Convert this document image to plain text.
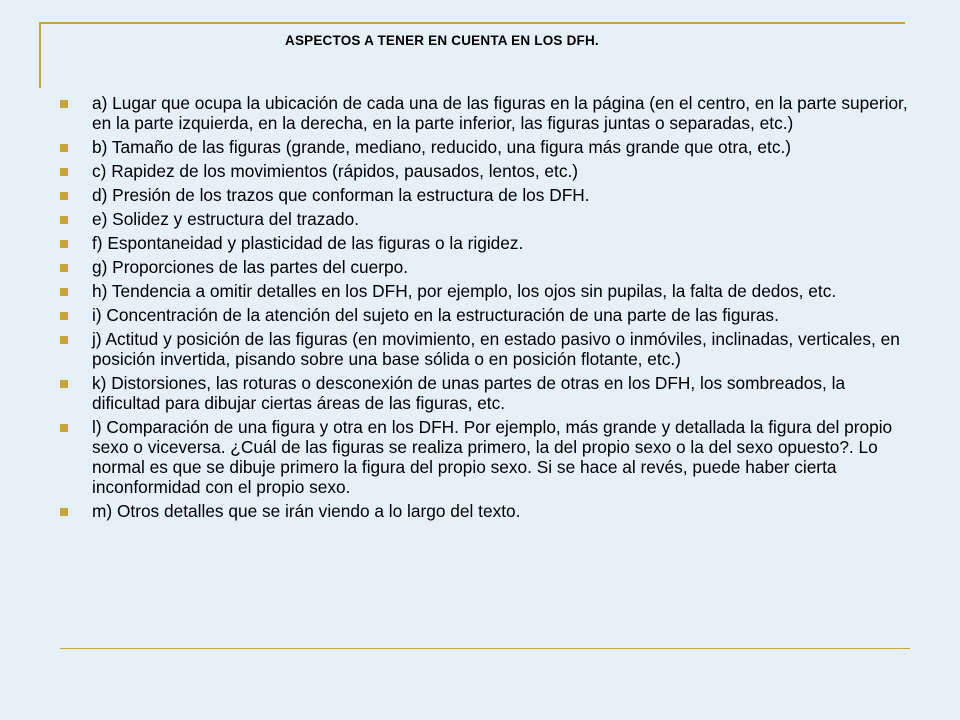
ASPECTOS A TENER EN CUENTA EN LOS DFH.
a) Lugar que ocupa la ubicación de cada una de las figuras en la página (en el centro, en la parte superior, en la parte izquierda, en la derecha, en la parte inferior, las figuras juntas o separadas, etc.)
b) Tamaño de las figuras (grande, mediano, reducido, una figura más grande que otra, etc.)
c) Rapidez de los movimientos (rápidos, pausados, lentos, etc.)
d) Presión de los trazos que conforman la estructura de los DFH.
e) Solidez y estructura del trazado.
f) Espontaneidad y plasticidad de las figuras o la rigidez.
g) Proporciones de las partes del cuerpo.
h) Tendencia a omitir detalles en los DFH, por ejemplo, los ojos sin pupilas, la falta de dedos, etc.
i) Concentración de la atención del sujeto en la estructuración de una parte de las figuras.
j) Actitud y posición de las figuras (en movimiento, en estado pasivo o inmóviles, inclinadas, verticales, en posición invertida, pisando sobre una base sólida o en posición flotante, etc.)
k) Distorsiones, las roturas o desconexión de unas partes de otras en los DFH, los sombreados, la dificultad para dibujar ciertas áreas de las figuras, etc.
l) Comparación de una figura y otra en los DFH. Por ejemplo, más grande y detallada la figura del propio sexo o viceversa. ¿Cuál de las figuras se realiza primero, la del propio sexo o la del sexo opuesto?. Lo normal es que se dibuje primero la figura del propio sexo. Si se hace al revés, puede haber cierta inconformidad con el propio sexo.
m) Otros detalles que se irán viendo a lo largo del texto.
